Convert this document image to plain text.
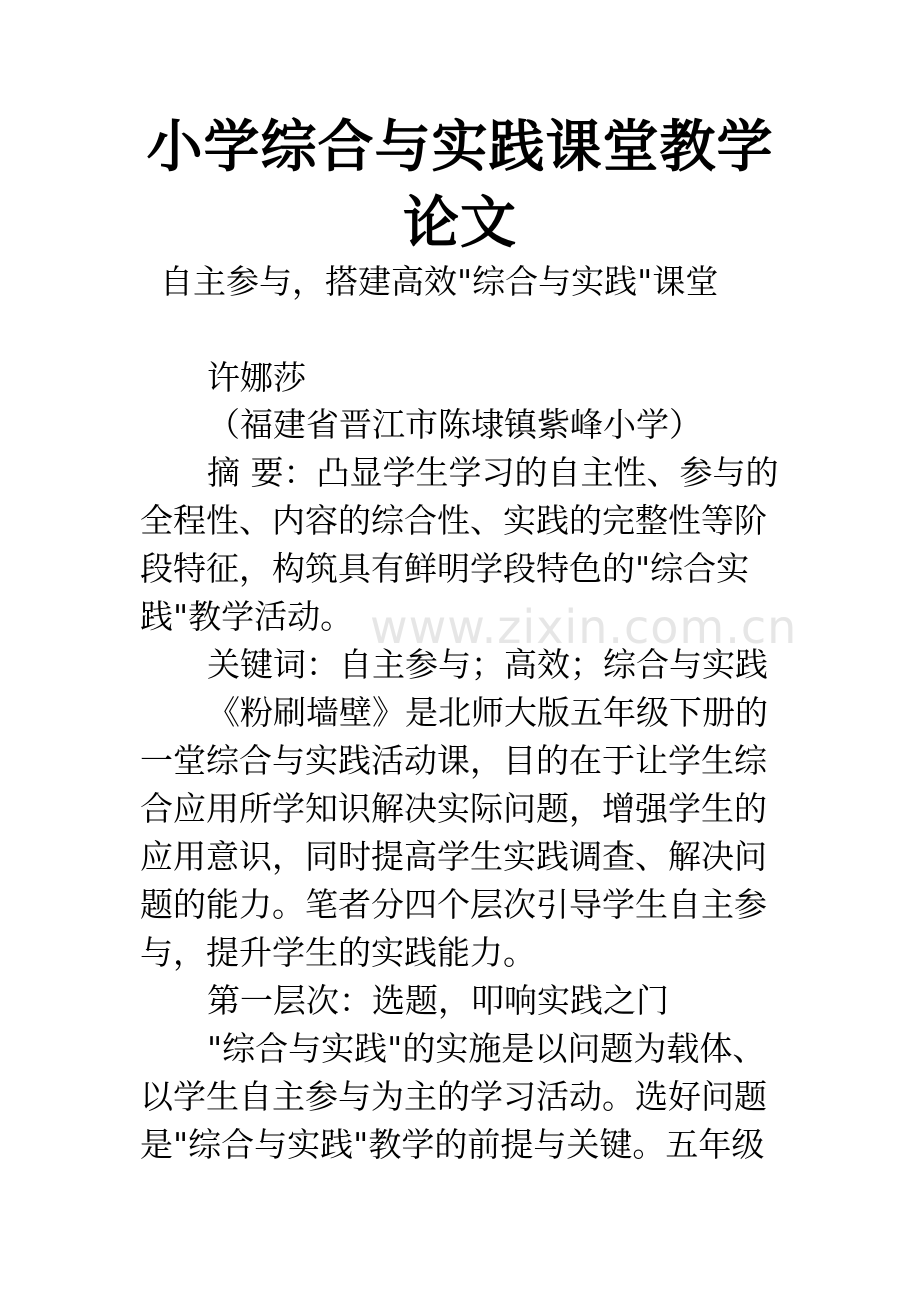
小学综合与实践课堂教学
论文

自主参与，搭建高效"综合与实践"课堂

许娜莎

（福建省晋江市陈埭镇紫峰小学）

摘 要：凸显学生学习的自主性、参与的

全程性、内容的综合性、实践的完整性等阶

段特征，构筑具有鲜明学段特色的"综合实

践"教学活动。

关键词：自主参与；高效；综合与实践

《粉刷墙壁》是北师大版五年级下册的

一堂综合与实践活动课，目的在于让学生综

合应用所学知识解决实际问题，增强学生的

应用意识，同时提高学生实践调查、解决问

题的能力。笔者分四个层次引导学生自主参

与，提升学生的实践能力。

第一层次：选题，叩响实践之门

"综合与实践"的实施是以问题为载体、

以学生自主参与为主的学习活动。选好问题

是"综合与实践"教学的前提与关键。五年级

www.zixin.com.cn
